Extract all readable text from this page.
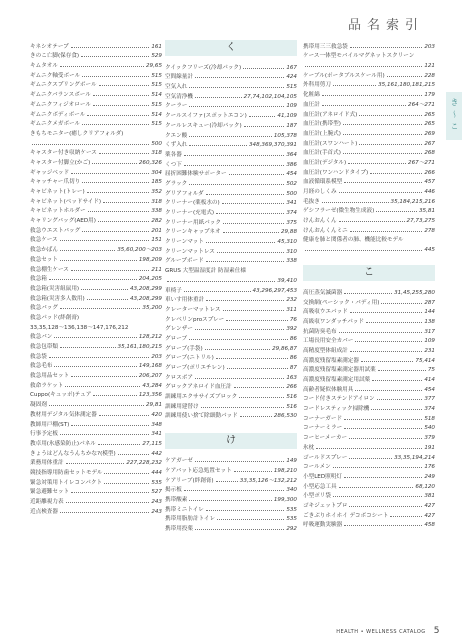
品名索引
き〜こ
キネシオテープ	161
きのこ亡脚(保存食)	529
キムタオル	29,65
ギムニク軸受ボール	515
ギムニクスプリングボール	515
ギムニクバランスボール	514
ギムニクフィジオロール	515
ギムニクボディボール	514
ギムニクメガボール	515
きもちモニター(癒しクリアフォルダ)
500
キャスター付き収納ケース	318
キャスター付脚立(かご)	260,326
ギャッジベッド	304
キャッチャー爪切り	185
キャビネット(トレー)	352
キャビネット(ベッドサイド)	318
キャビネットホルダー	338
キャリングバッグ(AED用)	282
救急ウエストバッグ	201
救急ケース	151
救急かばん	35,60,200〜203
救急セット	198,209
救急棚生ケース	211
救急箱	204,205
救急箱(災害組鼠用)	43,208,299
救急箱(災害多人数用)	43,208,299
救急バッグ	35,200
救急パッド(絆創膏)
33,35,128〜136,138〜147,176,212
救急バン	128,212
救急包帯類	35,161,180,215
救急袋	203
救急毛布	149,168
救急用品セット	206,207
救命ラケット	43,284
Cuppo(キュッポ)テュア	123,356
凝固剤	29,81
教材用デジタル気体測定器	420
教師用戸棚(ST)	348
行事予定板	341
教卓用(氷感染防止)パネル	27,115
きょうはどんなうんちかな?(模型)	442
業務用体重計	227,228,232
競技指導用防歯セットモデル	444
緊急対策用トイレコンパクト	535
緊急避難セット	527
近距離視力表	243
近点検査器	243
く
クイックフリーズ(冷却パック)	167
空間線量計	424
空気入れ	515
空気清浄機	27,74,102,104,105
クーラー	109
クールスイファ(スポットエコン)	41,109
クールレスキュー(冷却パック)	187
クエン酸	105,378
くず入れ	348,369,370,391
薬各器	364
くつ下	386
屈折困難体験サポーター	454
グラック	502
グリアフォルダ	500
クリーナー(薬板水の)	341
クリーナー(充電式)	374
クリーナー用紙パック	375
クリーンキャップネオ	29,88
クリーンマット	45,310
クリーンマットレス	310
グループボード	338
GRUS 大型温湿度計 防湿素仕様
39,410
車椅子	43,296,297,453
車いす用体重計	232
クレーターマットレス	311
クレベリンproスプレー	76
グレンザー	392
グローブ	86
グローブ(手袋)	29,86,87
グローブ(ニトリル)	86
グローブ(ポリエチレン)	87
クロスボア	163
グロックアネロイド血圧計	266
訓練用エクササイズブロック	516
訓練用建替け	516
訓練用使い捨て除細動パッド	286,530
け
ケアガーゼ	149
ケアバット応急処置セット	198,210
ケアリーブ(絆創膏)	33,35,126〜132,212
掲示板	340
携帯酸素	199,300
携帯ミニトイレ	535
携帯用脂肪計トイレ	535
携帯用投薬	292
携帯用三三救急袋	203
ケース一体型モバイルマグネットスクリーン
121
ケーブル(ポータブルスケール用)	228
外科用剪刀	35,161,180,181,215
化粧綿	179
血圧計	264〜271
血圧計(アネロイド式)	265
血圧計(携帯型)	265
血圧計(上腕式)	269
血圧計(スワンハート)	267
血圧計(手首式)	268
血圧計(デジタル)	267〜271
血圧計(ワンハンドタイプ)	266
血液循環系模型	457
月経のしくみ	446
毛抜き	35,184,215,216
ゲシフラーゼ(微生物生成液)	35,81
けんおんくん	27,73,275
けんおんくんミニ	278
健康を肺と関係者の肺、機能比較モデル
445
こ
高圧蒸気滅菌器	31,45,255,280
交換網(ペーシック・バディ用)	287
高吸収ウエパッド	144
高級収ワンダッチパッド	138
抗菌防臭毛布	317
工場長用安全カバー	109
高精度型体組成計	231
高濃度残留塩素測定器	75,414
高濃度残留塩素測定器用試薬	75
高濃度残留塩素測定用試薬	414
高齢者疑似体験用具	454
コード付きステンドアイロン	377
コードレスティック掃除機	374
コーナーガード	518
コーナーミラー	540
コーヒーメーカー	379
氷枕	191
ゴールドスプレー	33,35,194,214
コールメン	176
小型LED照明灯	249
小型応急工具	68,120
小型ポリ袋	381
ゴキジェットプロ	427
ごきぶりホイホイ デコボコシート	427
呼吸運動実験器	458
HEALTH • WELLNESS CATALOG 5
